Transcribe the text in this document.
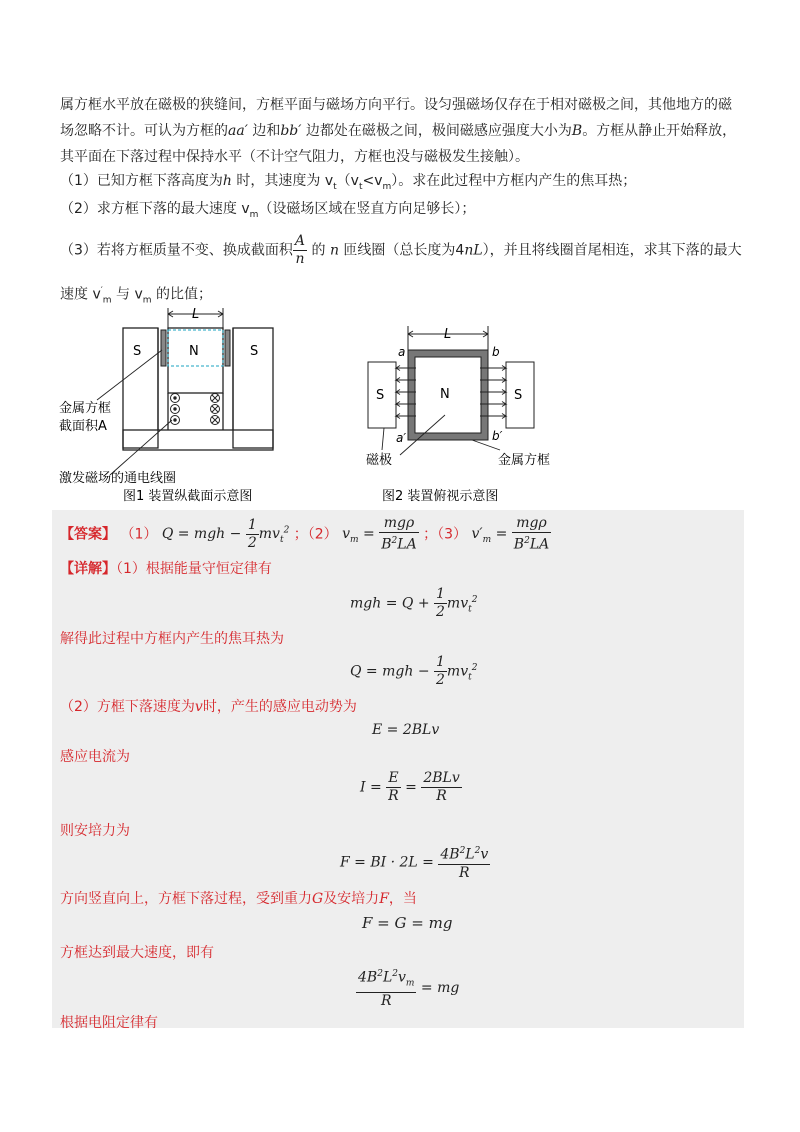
属方框水平放在磁极的狭缝间，方框平面与磁场方向平行。设匀强磁场仅存在于相对磁极之间，其他地方的磁
场忽略不计。可认为方框的aa′ 边和bb′ 边都处在磁极之间，极间磁感应强度大小为B。方框从静止开始释放，
其平面在下落过程中保持水平（不计空气阻力，方框也没与磁极发生接触）。
（1）已知方框下落高度为h 时，其速度为 $v_t(v_t<v_m)$。求在此过程中方框内产生的焦耳热；
（2）求方框下落的最大速度 $v_m$（设磁场区域在竖直方向足够长）；
（3）若将方框质量不变、换成截面积 $\frac{A}{n}$ 的 n 匝线圈（总长度为4nL），并且将线圈首尾相连，求其下落的最大
速度 $v'_m$ 与 $v_m$ 的比值；
L
N
S	S
金属方框
截面积A
激发磁场的通电线圈
图1 装置纵截面示意图
L
N
S	S
a	b
a′	b′
磁极	金属方框
图2 装置俯视示意图
【答案】 （1） Q = mgh − $\frac{1}{2} mv_t^2$ ；（2） $v_m = \frac{\text{mgρ}}{B^2LA}$ ；（3） $v'_m = \frac{\text{mgρ}}{B^2LA}$
【详解】（1）根据能量守恒定律有
mgh = $Q + \frac{1}{2} mv_t^2$
解得此过程中方框内产生的焦耳热为
Q = mgh − $\frac{1}{2} mv_t^2$
（2）方框下落速度为v时，产生的感应电动势为
E = 2BLv
感应电流为
$I = \frac{E}{R} = \frac{\text{2BLv}}{R}$
则安培力为
F = BI · $2L = \frac{4B^2L^2v}{R}$
方向竖直向上，方框下落过程，受到重力G及安培力F，当
F = G = mg
方框达到最大速度，即有
$\frac{4B^2L^2v_m}{R}$ = mg
根据电阻定律有
